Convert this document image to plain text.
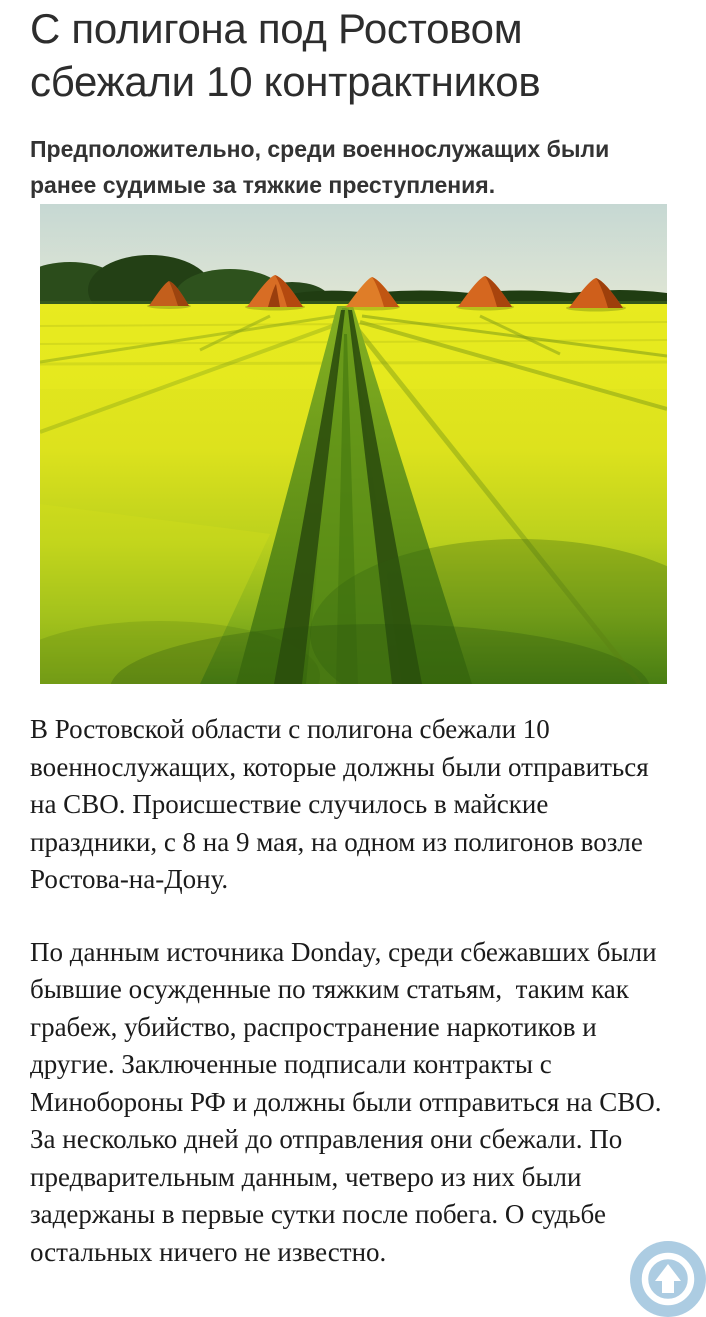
С полигона под Ростовом сбежали 10 контрактников

Предположительно, среди военнослужащих были ранее судимые за тяжкие преступления.

В Ростовской области с полигона сбежали 10 военнослужащих, которые должны были отправиться на СВО. Происшествие случилось в майские праздники, с 8 на 9 мая, на одном из полигонов возле Ростова-на-Дону.

По данным источника Donday, среди сбежавших были бывшие осужденные по тяжким статьям,  таким как грабеж, убийство, распространение наркотиков и другие. Заключенные подписали контракты с Минобороны РФ и должны были отправиться на СВО. За несколько дней до отправления они сбежали. По предварительным данным, четверо из них были задержаны в первые сутки после побега. О судьбе остальных ничего не известно.
